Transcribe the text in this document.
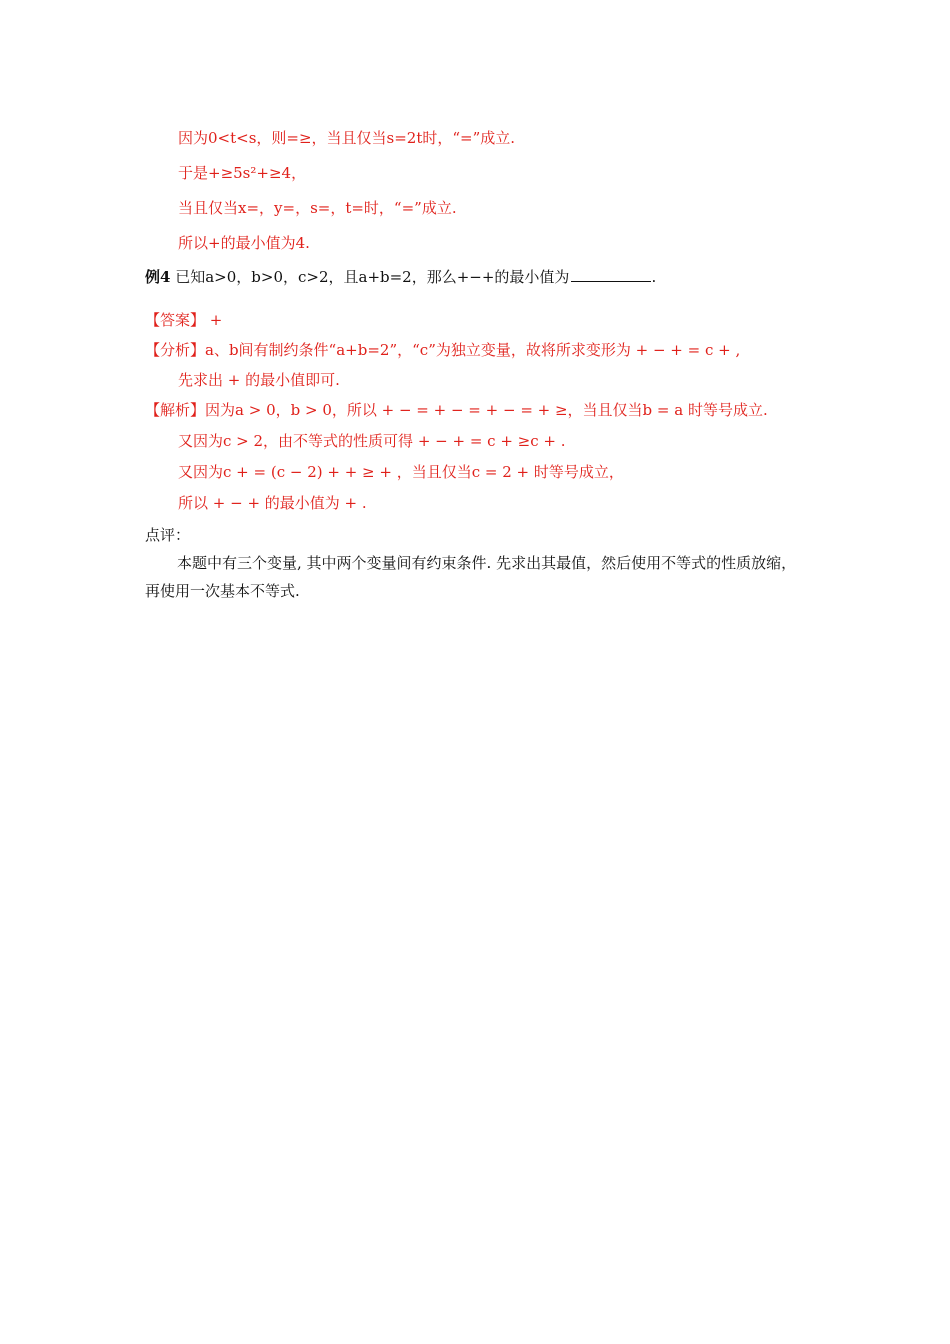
因为0<t<s，则=≥，当且仅当s=2t时，“=”成立.
于是+≥5s²+≥4，
当且仅当x=，y=，s=，t=时，“=”成立.
所以+的最小值为4.
例4 已知a>0，b>0，c>2，且a+b=2，那么+−+的最小值为	.
【答案】 +
【分析】a、b间有制约条件“a+b=2”，“c”为独立变量，故将所求变形为 + − + = c + ,
先求出 + 的最小值即可.
【解析】因为a > 0，b > 0，所以 + − = + − = + − = + ≥，当且仅当b = a 时等号成立.
又因为c > 2，由不等式的性质可得 + − + = c + ≥c + .
又因为c + = (c − 2) + + ≥ + ，当且仅当c = 2 + 时等号成立，
所以 + − + 的最小值为 + .
点评：
本题中有三个变量, 其中两个变量间有约束条件. 先求出其最值，然后使用不等式的性质放缩，再使用一次基本不等式.
